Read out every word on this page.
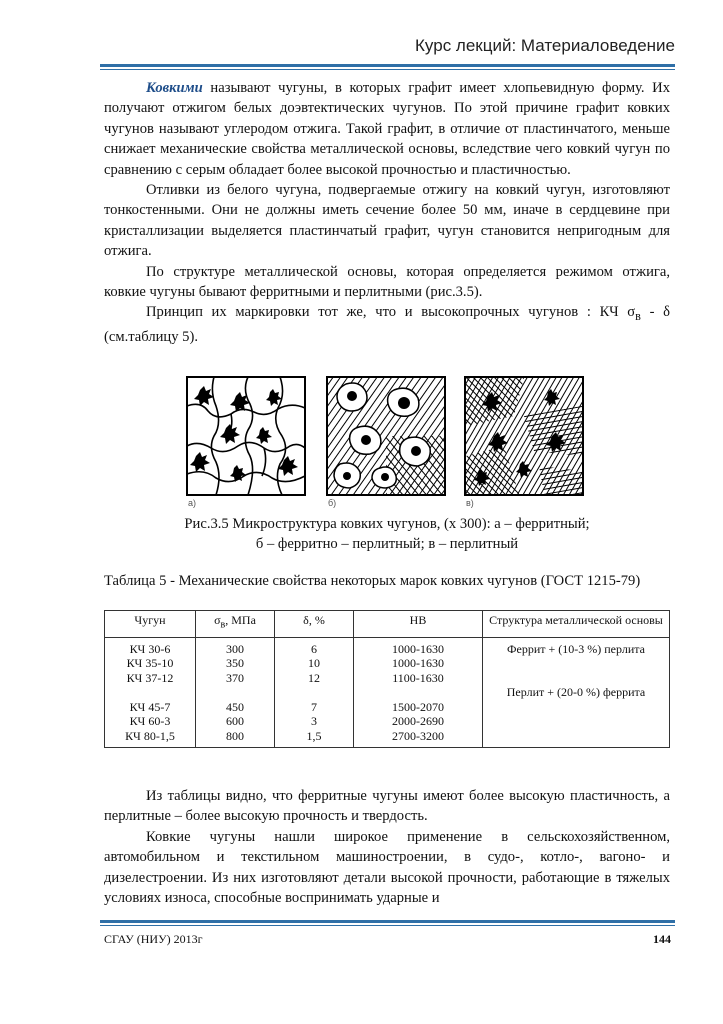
Курс лекций: Материаловедение

Ковкими называют чугуны, в которых графит имеет хлопьевидную форму. Их получают отжигом белых доэвтектических чугунов. По этой причине графит ковких чугунов называют углеродом отжига. Такой графит, в отличие от пластинчатого, меньше снижает механические свойства металлической основы, вследствие чего ковкий чугун по сравнению с серым обладает более высокой прочностью и пластичностью.

Отливки из белого чугуна, подвергаемые отжигу на ковкий чугун, изготовляют тонкостенными. Они не должны иметь сечение более 50 мм, иначе в сердцевине при кристаллизации выделяется пластинчатый графит, чугун становится непригодным для отжига.

По структуре металлической основы, которая определяется режимом отжига, ковкие чугуны бывают ферритными и перлитными (рис.3.5).

Принцип их маркировки тот же, что и высокопрочных чугунов : КЧ $\sigma_в$ - δ (см.таблицу 5).

а)	б)	в)
Рис.3.5 Микроструктура ковких чугунов, (х 300): а – ферритный;
б – ферритно – перлитный; в – перлитный
Таблица 5 - Механические свойства некоторых марок ковких чугунов (ГОСТ 1215-79)
Чугун	$\sigma_в$, МПа	δ, %	НВ	Структура металлической основы
КЧ 30-6	300	6	1000-1630	Феррит + (10-3 %) перлита
КЧ 35-10	350	10	1000-1630	
КЧ 37-12	370	12	1100-1630	
				Перлит + (20-0 %) феррита
КЧ 45-7	450	7	1500-2070	
КЧ 60-3	600	3	2000-2690	
КЧ 80-1,5	800	1,5	2700-3200	

Из таблицы видно, что ферритные чугуны имеют более высокую пластичность, а перлитные – более высокую прочность и твердость.

Ковкие чугуны нашли широкое применение в сельскохозяйственном, автомобильном и текстильном машиностроении, в судо-, котло-, вагоно- и дизелестроении. Из них изготовляют детали высокой прочности, работающие в тяжелых условиях износа, способные воспринимать ударные и

СГАУ (НИУ) 2013г	144
